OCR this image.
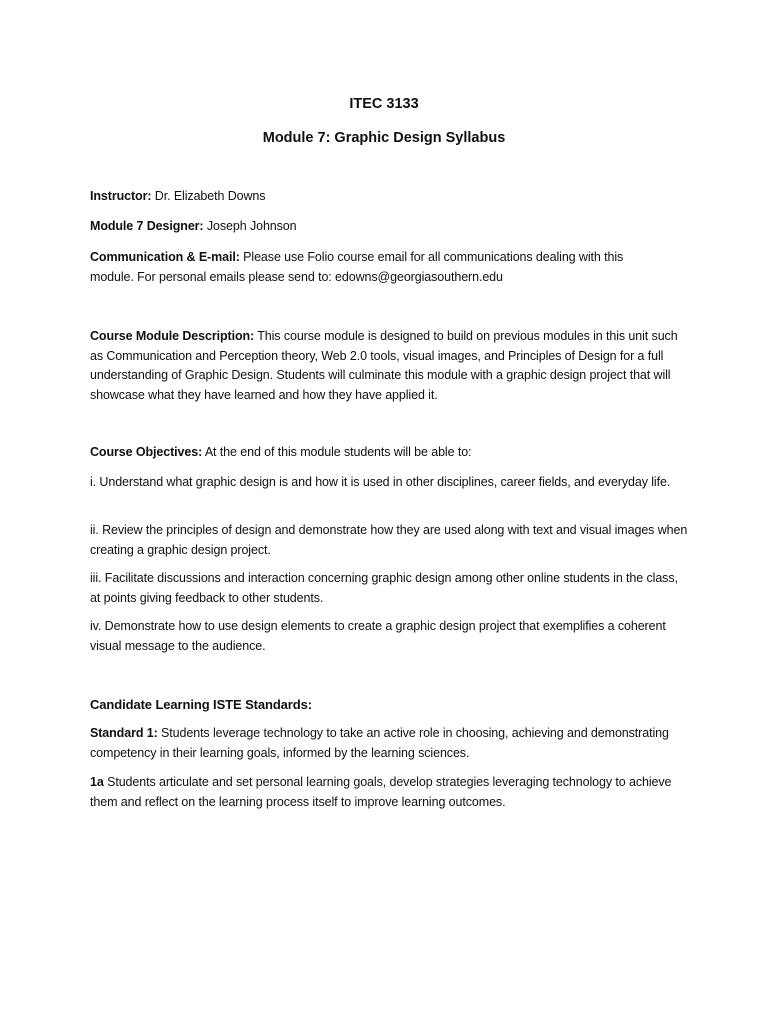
ITEC 3133
Module 7: Graphic Design Syllabus
Instructor: Dr. Elizabeth Downs
Module 7 Designer: Joseph Johnson
Communication & E-mail: Please use Folio course email for all communications dealing with this module. For personal emails please send to: edowns@georgiasouthern.edu
Course Module Description: This course module is designed to build on previous modules in this unit such as Communication and Perception theory, Web 2.0 tools, visual images, and Principles of Design for a full understanding of Graphic Design. Students will culminate this module with a graphic design project that will showcase what they have learned and how they have applied it.
Course Objectives: At the end of this module students will be able to:
i. Understand what graphic design is and how it is used in other disciplines, career fields, and everyday life.
ii. Review the principles of design and demonstrate how they are used along with text and visual images when creating a graphic design project.
iii. Facilitate discussions and interaction concerning graphic design among other online students in the class, at points giving feedback to other students.
iv. Demonstrate how to use design elements to create a graphic design project that exemplifies a coherent visual message to the audience.
Candidate Learning ISTE Standards:
Standard 1: Students leverage technology to take an active role in choosing, achieving and demonstrating competency in their learning goals, informed by the learning sciences.
1a Students articulate and set personal learning goals, develop strategies leveraging technology to achieve them and reflect on the learning process itself to improve learning outcomes.
